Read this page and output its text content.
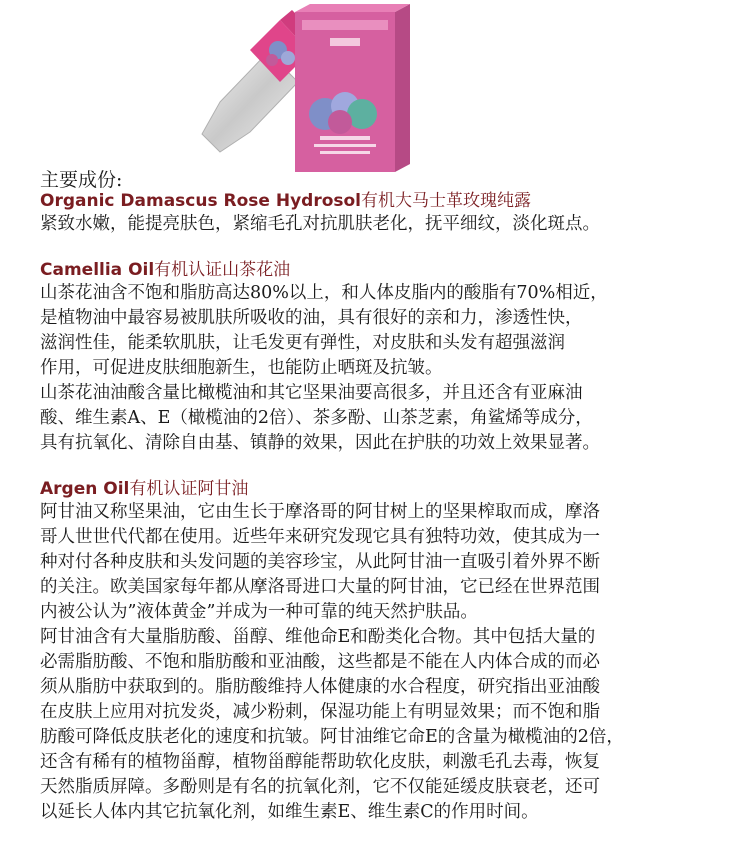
主要成份:

Organic Damascus Rose Hydrosol有机大马士革玫瑰纯露

紧致水嫩，能提亮肤色，紧缩毛孔对抗肌肤老化，抚平细纹，淡化斑点。

Camellia Oil有机认证山茶花油

山茶花油含不饱和脂肪高达80%以上，和人体皮脂内的酸脂有70%相近，

是植物油中最容易被肌肤所吸收的油，具有很好的亲和力，渗透性快，

滋润性佳，能柔软肌肤，让毛发更有弹性，对皮肤和头发有超强滋润

作用，可促进皮肤细胞新生，也能防止晒斑及抗皱。

山茶花油油酸含量比橄榄油和其它坚果油要高很多，并且还含有亚麻油

酸、维生素A、E（橄榄油的2倍）、茶多酚、山茶芝素，角鲨烯等成分，

具有抗氧化、清除自由基、镇静的效果，因此在护肤的功效上效果显著。

Argen Oil有机认证阿甘油

阿甘油又称坚果油，它由生长于摩洛哥的阿甘树上的坚果榨取而成，摩洛

哥人世世代代都在使用。近些年来研究发现它具有独特功效，使其成为一

种对付各种皮肤和头发问题的美容珍宝，从此阿甘油一直吸引着外界不断

的关注。欧美国家每年都从摩洛哥进口大量的阿甘油，它已经在世界范围

内被公认为”液体黄金”并成为一种可靠的纯天然护肤品。

阿甘油含有大量脂肪酸、甾醇、维他命E和酚类化合物。其中包括大量的

必需脂肪酸、不饱和脂肪酸和亚油酸，这些都是不能在人内体合成的而必

须从脂肪中获取到的。脂肪酸维持人体健康的水合程度，研究指出亚油酸

在皮肤上应用对抗发炎，减少粉刺，保湿功能上有明显效果；而不饱和脂

肪酸可降低皮肤老化的速度和抗皱。阿甘油维它命E的含量为橄榄油的2倍，

还含有稀有的植物甾醇，植物甾醇能帮助软化皮肤，刺激毛孔去毒，恢复

天然脂质屏障。多酚则是有名的抗氧化剂，它不仅能延缓皮肤衰老，还可

以延长人体内其它抗氧化剂，如维生素E、维生素C的作用时间。
